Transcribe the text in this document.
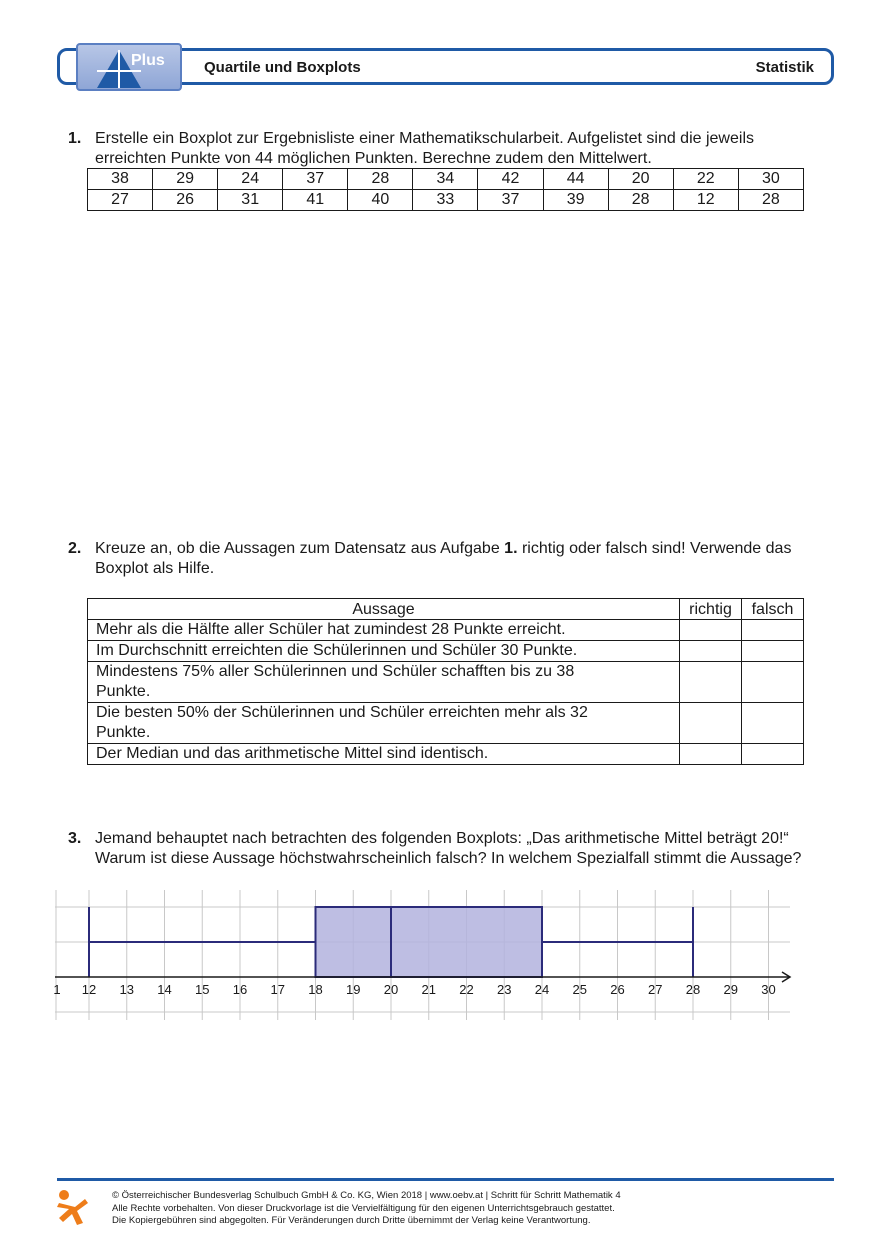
Plus	Quartile und Boxplots	Statistik
1. Erstelle ein Boxplot zur Ergebnisliste einer Mathematikschularbeit. Aufgelistet sind die jeweils erreichten Punkte von 44 möglichen Punkten. Berechne zudem den Mittelwert.
38	29	24	37	28	34	42	44	20	22	30
27	26	31	41	40	33	37	39	28	12	28
2. Kreuze an, ob die Aussagen zum Datensatz aus Aufgabe 1. richtig oder falsch sind! Verwende das Boxplot als Hilfe.
Aussage	richtig	falsch
Mehr als die Hälfte aller Schüler hat zumindest 28 Punkte erreicht.		
Im Durchschnitt erreichten die Schülerinnen und Schüler 30 Punkte.		
Mindestens 75% aller Schülerinnen und Schüler schafften bis zu 38 Punkte.		
Die besten 50% der Schülerinnen und Schüler erreichten mehr als 32 Punkte.		
Der Median und das arithmetische Mittel sind identisch.		
3. Jemand behauptet nach betrachten des folgenden Boxplots: „Das arithmetische Mittel beträgt 20!“ Warum ist diese Aussage höchstwahrscheinlich falsch? In welchem Spezialfall stimmt die Aussage?
1 12 13 14 15 16 17 18 19 20 21 22 23 24 25 26 27 28 29 30
© Österreichischer Bundesverlag Schulbuch GmbH & Co. KG, Wien 2018 | www.oebv.at | Schritt für Schritt Mathematik 4
Alle Rechte vorbehalten. Von dieser Druckvorlage ist die Vervielfältigung für den eigenen Unterrichtsgebrauch gestattet.
Die Kopiergebühren sind abgegolten. Für Veränderungen durch Dritte übernimmt der Verlag keine Verantwortung.
